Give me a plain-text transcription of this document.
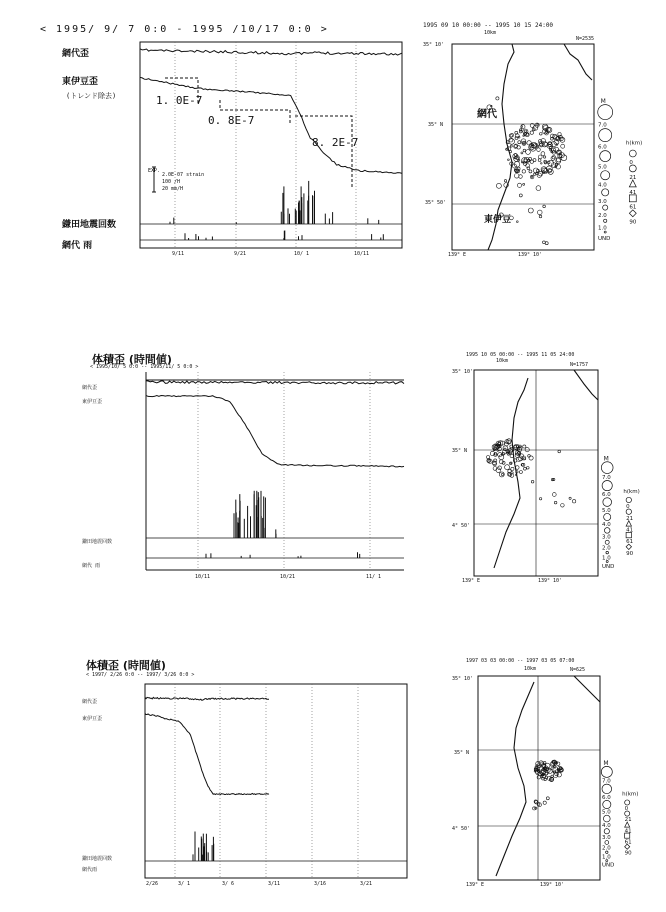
< 1995/ 9/ 7 0:0 - 1995 /10/17 0:0 >
網代歪
東伊豆歪
(トレンド除去)
鎌田地震回数
網代 雨
1. 0E-7
0. 8E-7
8. 2E-7
EXP.
2.0E-07 strain
100 /H
20 mm/H
9/11	9/21	10/ 1	10/11
1995 09 10 00:00 -- 1995 10 15 24:00
N=2535
10km
35° 10'
35° N
35° 50'
139° E	139° 10'
網代
東伊豆
体積歪 (時間値)
< 1995/10/ 5 0:0 -- 1995/11/ 5 0:0 >
網代歪
東伊豆歪
鎌田地震回数
網代 雨
10/11	10/21	11/ 1
1995 10 05 00:00 -- 1995 11 05 24:00
N=1757
10km
35° 10'
35° N
4° 50'
139° E	139° 10'
体積歪 (時間値)
< 1997/ 2/26 0:0 -- 1997/ 3/26 0:0 >
網代歪
東伊豆歪
鎌田地震回数
網代雨
2/26	3/ 1	3/ 6	3/11	3/16	3/21
1997 03 03 00:00 -- 1997 03 05 07:00
N=625
10km
35° 10'
35° N
4° 50'
139° E	139° 10'
M
7.0
6.0
5.0
4.0
3.0
2.0
1.0
UND
h(km)
0
21
41
61
90
M
7.0
6.0
5.0
4.0
3.0
2.0
1.0
UND
h(km)
0
21
41
61
90
M
7.0
6.0
5.0
4.0
3.0
2.0
1.0
UND
h(km)
0
21
41
61
90
